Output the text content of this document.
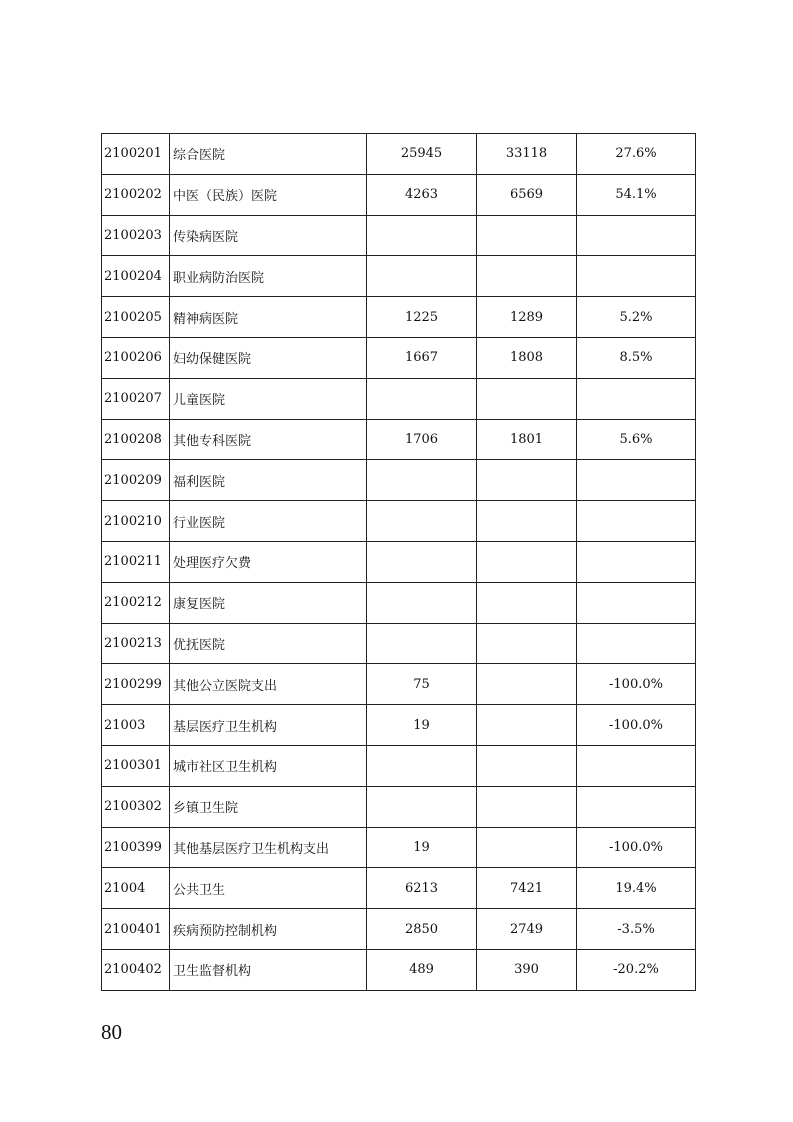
2100201	综合医院	25945	33118	27.6%
2100202	中医（民族）医院	4263	6569	54.1%
2100203	传染病医院			
2100204	职业病防治医院			
2100205	精神病医院	1225	1289	5.2%
2100206	妇幼保健医院	1667	1808	8.5%
2100207	儿童医院			
2100208	其他专科医院	1706	1801	5.6%
2100209	福利医院			
2100210	行业医院			
2100211	处理医疗欠费			
2100212	康复医院			
2100213	优抚医院			
2100299	其他公立医院支出	75		-100.0%
21003	基层医疗卫生机构	19		-100.0%
2100301	城市社区卫生机构			
2100302	乡镇卫生院			
2100399	其他基层医疗卫生机构支出	19		-100.0%
21004	公共卫生	6213	7421	19.4%
2100401	疾病预防控制机构	2850	2749	-3.5%
2100402	卫生监督机构	489	390	-20.2%
80
